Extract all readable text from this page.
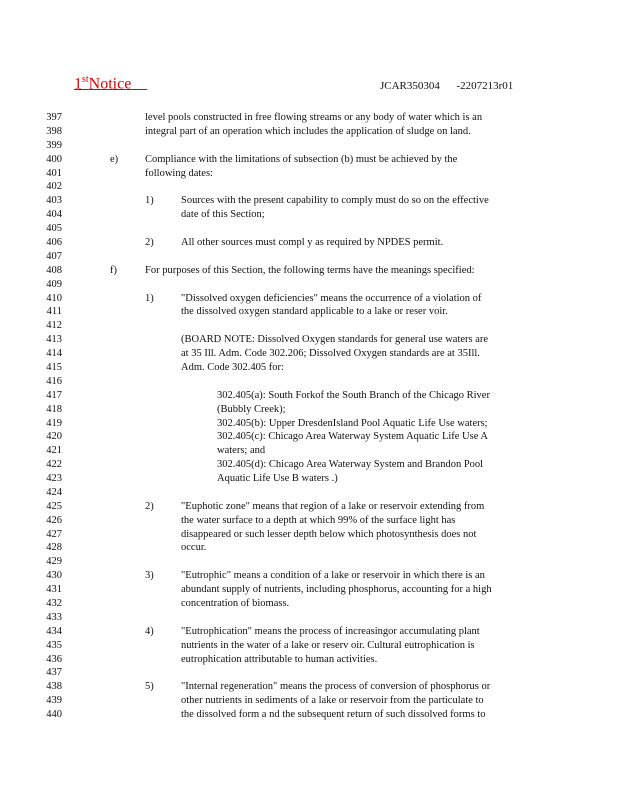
1stNotice 	JCAR350304   -2207213r01
397
398
399
400
401
402
403
404
405
406
407
408
409
410
411
412
413
414
415
416
417
418
419
420
421
422
423
424
425
426
427
428
429
430
431
432
433
434
435
436
437
438
439
440
level pools constructed in free flowing streams or any body of water which is an
integral part of an operation which includes the application of sludge on land.
Compliance with the limitations of subsection (b) must be achieved by the
following dates:
Sources with the present capability to comply must do so on the effective
date of this Section;
All other sources must compl y as required by NPDES permit.
For purposes of this Section, the following terms have the meanings specified:
"Dissolved oxygen deficiencies" means the occurrence of a violation of
the dissolved oxygen standard applicable to a lake or reser voir.
(BOARD NOTE: Dissolved Oxygen standards for general use waters are
at 35 Ill. Adm. Code 302.206; Dissolved Oxygen standards are at 35Ill.
Adm. Code 302.405 for:
302.405(a): South Forkof the South Branch of the Chicago River
(Bubbly Creek);
302.405(b): Upper DresdenIsland Pool Aquatic Life Use waters;
302.405(c): Chicago Area Waterway System Aquatic Life Use A
waters; and
302.405(d): Chicago Area Waterway System and Brandon Pool
Aquatic Life Use B waters .)
"Euphotic zone" means that region of a lake or reservoir extending from
the water surface to a depth at which 99% of the surface light has
disappeared or such lesser depth below which photosynthesis does not
occur.
"Eutrophic" means a condition of a lake or reservoir in which there is an
abundant supply of nutrients, including phosphorus, accounting for a high
concentration of biomass.
"Eutrophication" means the process of increasingor accumulating plant
nutrients in the water of a lake or reserv oir. Cultural eutrophication is
eutrophication attributable to human activities.
"Internal regeneration" means the process of conversion of phosphorus or
other nutrients in sediments of a lake or reservoir from the particulate to
the dissolved form a nd the subsequent return of such dissolved forms to
e)
1)
2)
f)
1)
2)
3)
4)
5)
